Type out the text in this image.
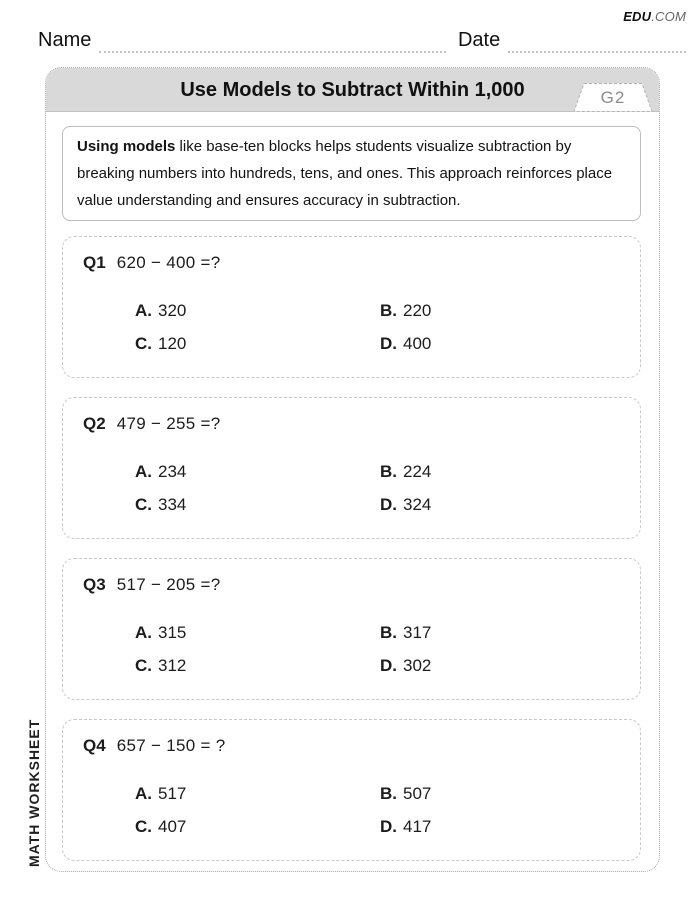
EDU.COM
Name	Date
MATH WORKSHEET
Use Models to Subtract Within 1,000	G2
Using models like base-ten blocks helps students visualize subtraction by breaking numbers into hundreds, tens, and ones. This approach reinforces place value understanding and ensures accuracy in subtraction.
Q1 620 − 400 =?
A. 320	B. 220
C. 120	D. 400
Q2 479 − 255 =?
A. 234	B. 224
C. 334	D. 324
Q3 517 − 205 =?
A. 315	B. 317
C. 312	D. 302
Q4 657 − 150 = ?
A. 517	B. 507
C. 407	D. 417
